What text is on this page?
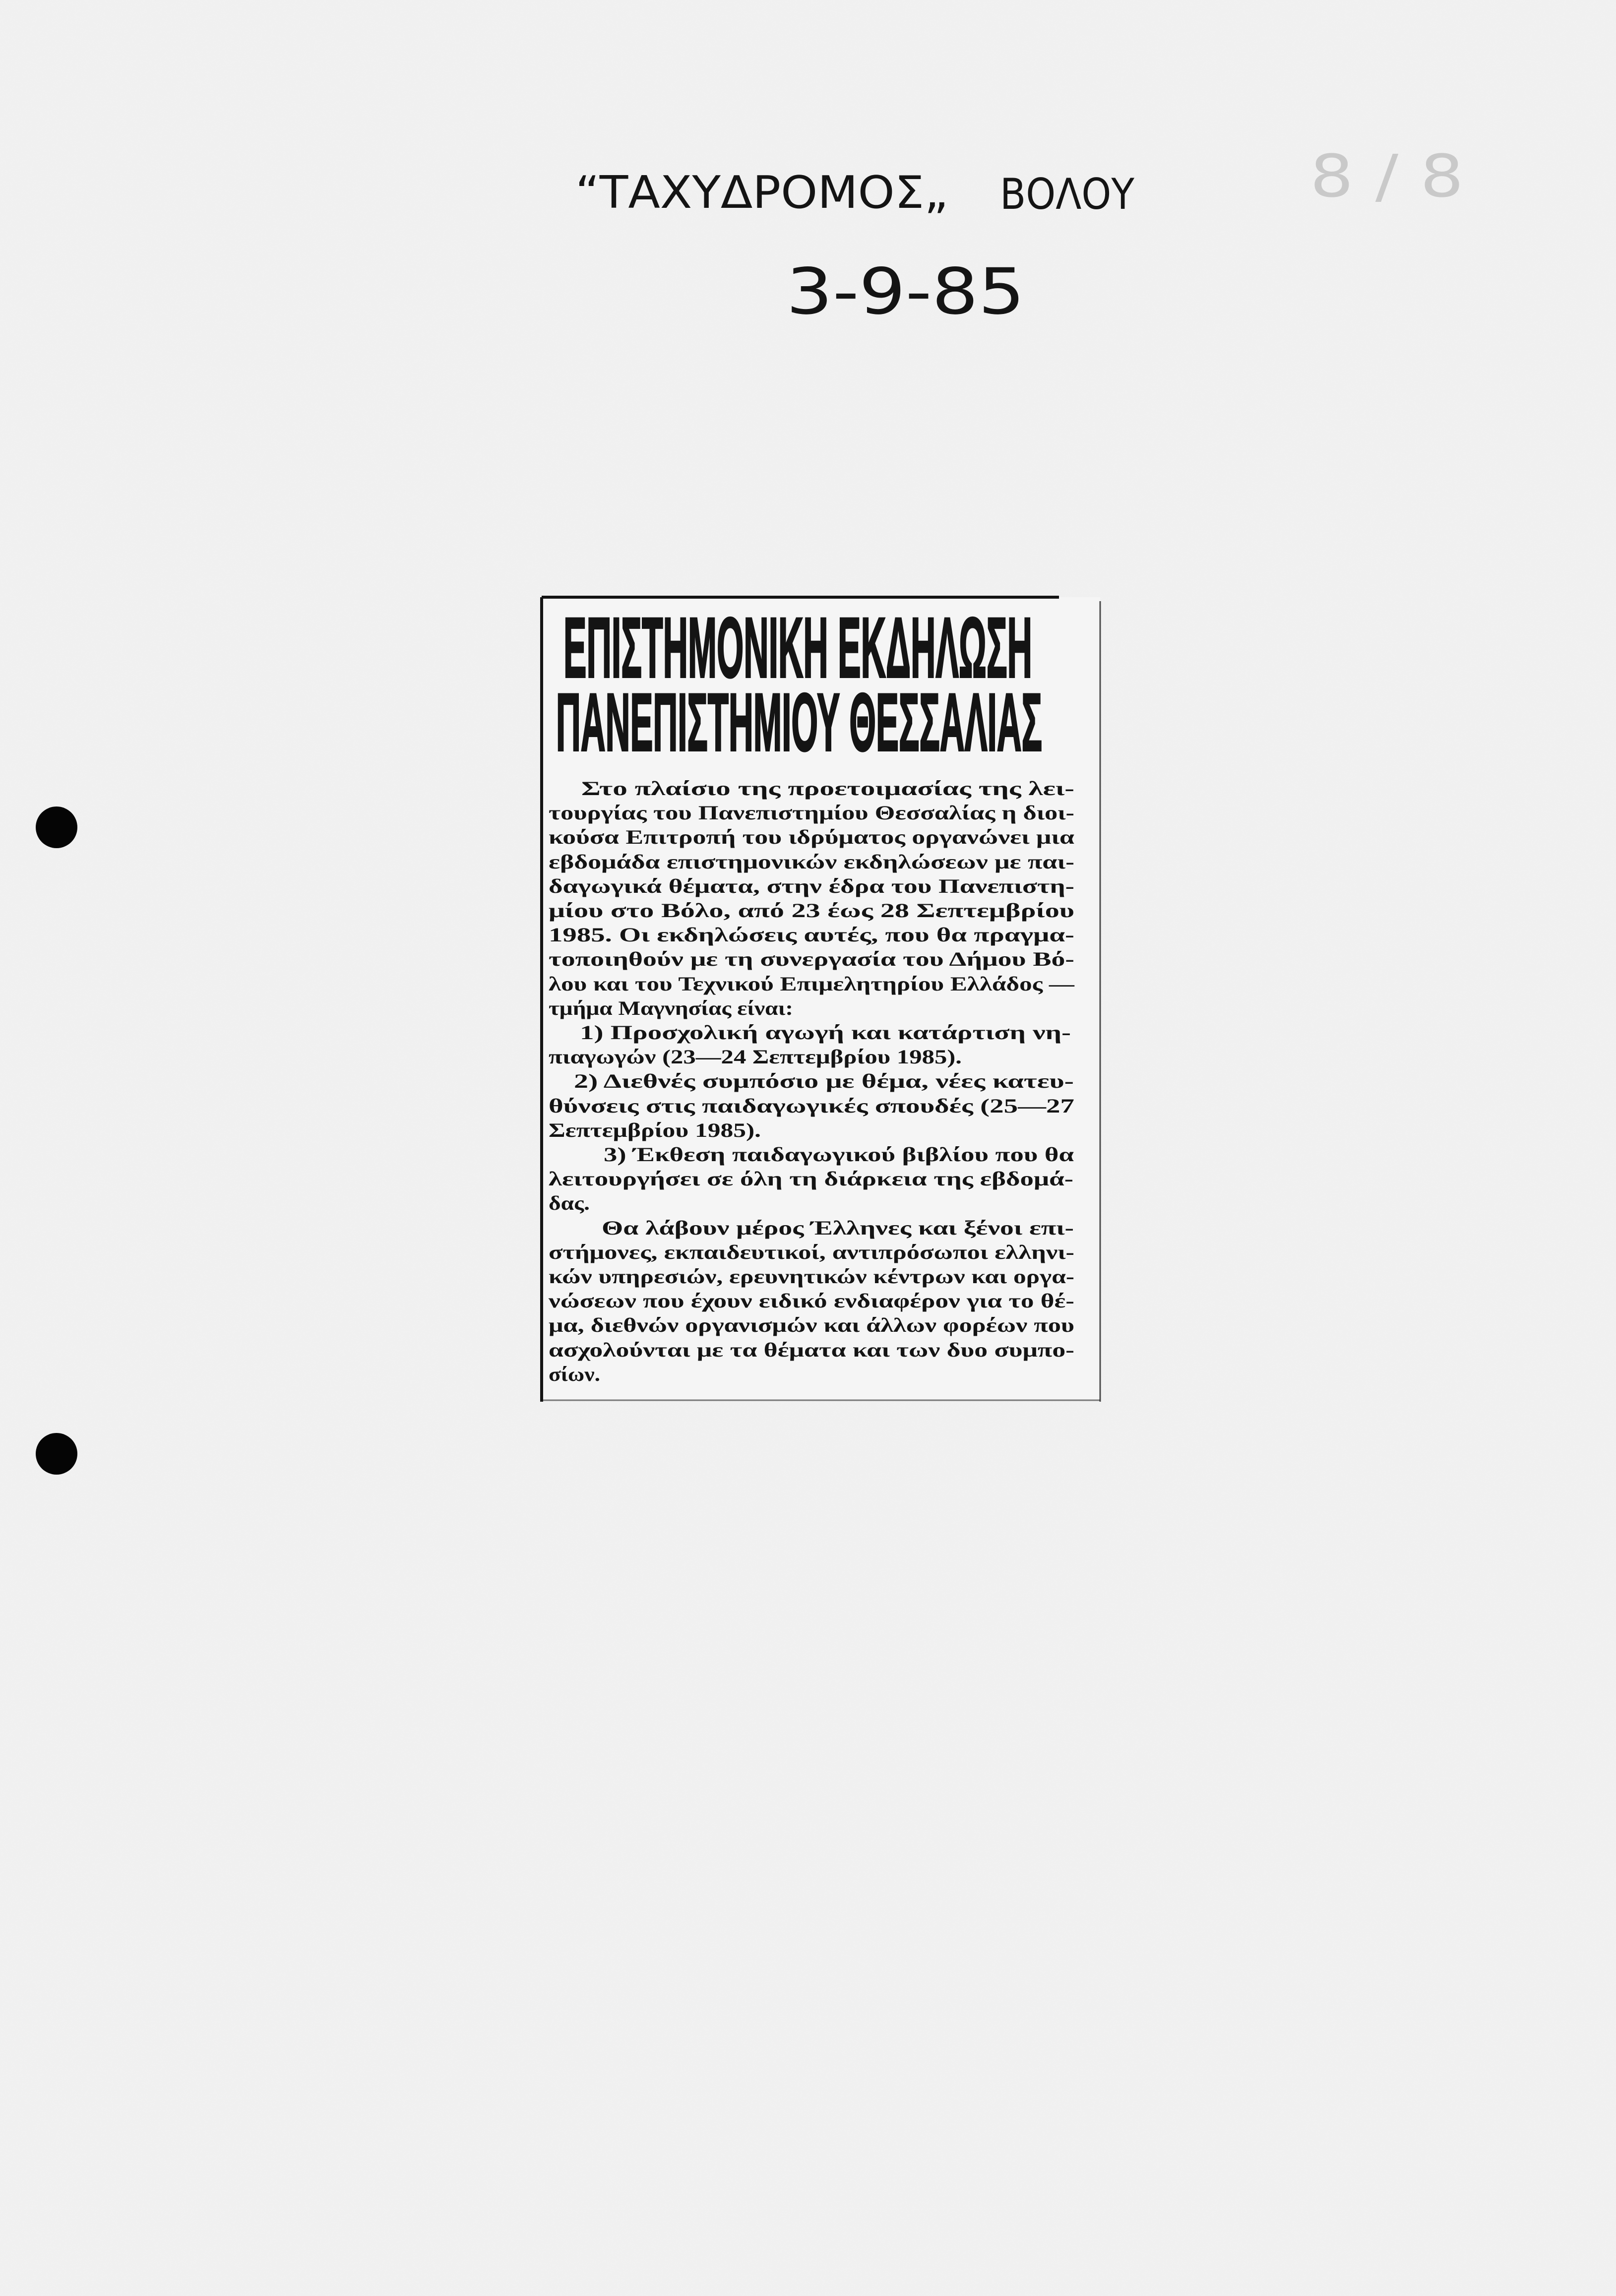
“ΤΑΧΥΔΡΟΜΟΣ„ ΒΟΛΟΥ
3-9-85
8 / 8
ΕΠΙΣΤΗΜΟΝΙΚΗ ΕΚΔΗΛΩΣΗ
ΠΑΝΕΠΙΣΤΗΜΙΟΥ ΘΕΣΣΑΛΙΑΣ
Στο πλαίσιο της προετοιμασίας της λει-
τουργίας του Πανεπιστημίου Θεσσαλίας η διοι-
κούσα Επιτροπή του ιδρύματος οργανώνει μια
εβδομάδα επιστημονικών εκδηλώσεων με παι-
δαγωγικά θέματα, στην έδρα του Πανεπιστη-
μίου στο Βόλο, από 23 έως 28 Σεπτεμβρίου
1985. Οι εκδηλώσεις αυτές, που θα πραγμα-
τοποιηθούν με τη συνεργασία του Δήμου Βό-
λου και του Τεχνικού Επιμελητηρίου Ελλάδος —
τμήμα Μαγνησίας είναι:
1) Προσχολική αγωγή και κατάρτιση νη-
πιαγωγών (23—24 Σεπτεμβρίου 1985).
2) Διεθνές συμπόσιο με θέμα, νέες κατευ-
θύνσεις στις παιδαγωγικές σπουδές (25—27
Σεπτεμβρίου 1985).
3) Έκθεση παιδαγωγικού βιβλίου που θα
λειτουργήσει σε όλη τη διάρκεια της εβδομά-
δας.
Θα λάβουν μέρος Έλληνες και ξένοι επι-
στήμονες, εκπαιδευτικοί, αντιπρόσωποι ελληνι-
κών υπηρεσιών, ερευνητικών κέντρων και οργα-
νώσεων που έχουν ειδικό ενδιαφέρον για το θέ-
μα, διεθνών οργανισμών και άλλων φορέων που
ασχολούνται με τα θέματα και των δυο συμπο-
σίων.
